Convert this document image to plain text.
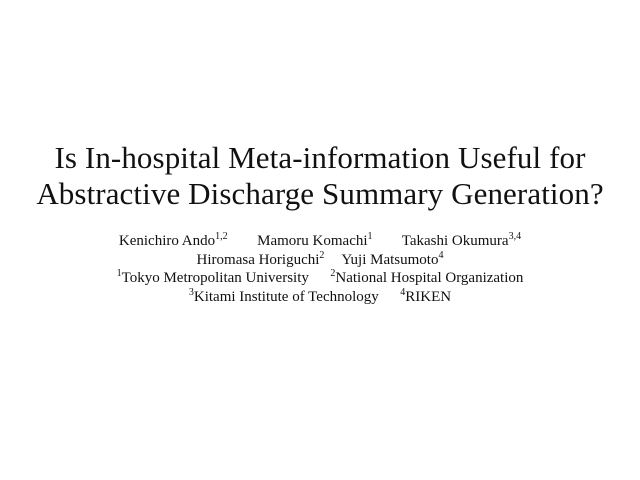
Is In-hospital Meta-information Useful for
Abstractive Discharge Summary Generation?
Kenichiro Ando$^{1,2}$ Mamoru Komachi$^1$ Takashi Okumura$^{3,4}$
Hiromasa Horiguchi$^2$ Yuji Matsumoto$^4$
$^1$Tokyo Metropolitan University $^2$National Hospital Organization
$^3$Kitami Institute of Technology $^4$RIKEN
